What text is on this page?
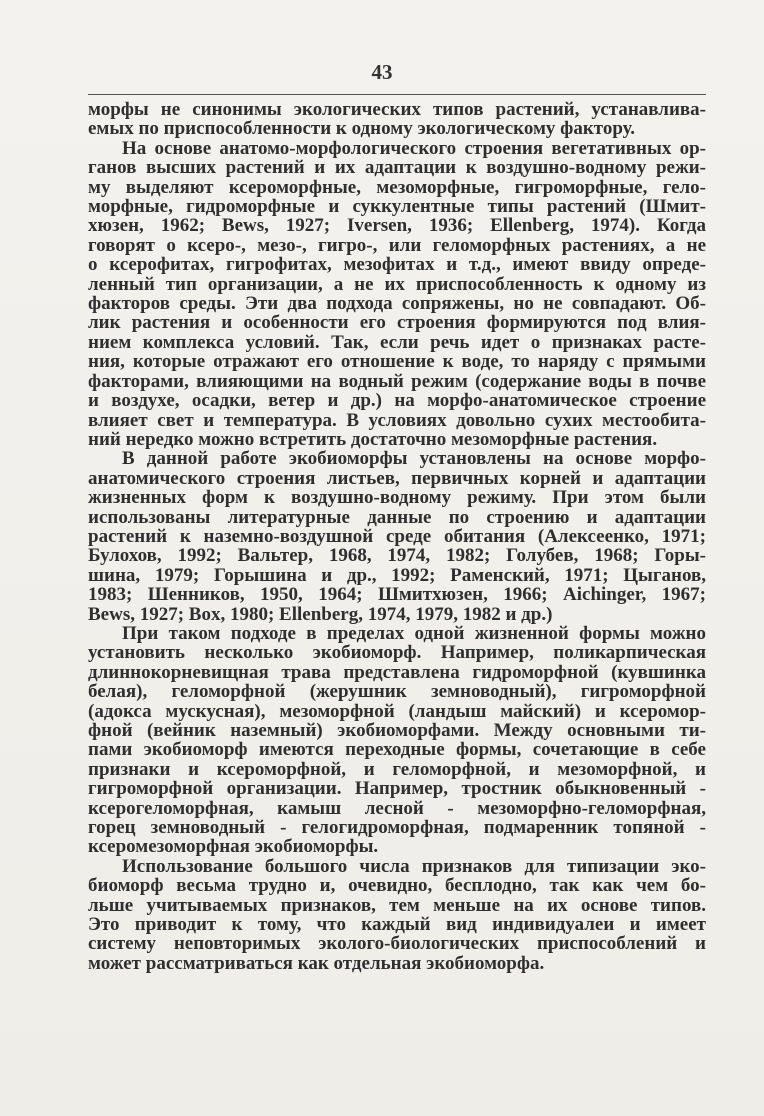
43
морфы не синонимы экологических типов растений, устанавлива-
емых по приспособленности к одному экологическому фактору.
На основе анатомо-морфологического строения вегетативных ор-
ганов высших растений и их адаптации к воздушно-водному режи-
му выделяют ксероморфные, мезоморфные, гигроморфные, гело-
морфные, гидроморфные и суккулентные типы растений (Шмит-
хюзен, 1962; Bews, 1927; Iversen, 1936; Ellenberg, 1974). Когда
говорят о ксеро-, мезо-, гигро-, или геломорфных растениях, а не
о ксерофитах, гигрофитах, мезофитах и т.д., имеют ввиду опреде-
ленный тип организации, а не их приспособленность к одному из
факторов среды. Эти два подхода сопряжены, но не совпадают. Об-
лик растения и особенности его строения формируются под влия-
нием комплекса условий. Так, если речь идет о признаках расте-
ния, которые отражают его отношение к воде, то наряду с прямыми
факторами, влияющими на водный режим (содержание воды в почве
и воздухе, осадки, ветер и др.) на морфо-анатомическое строение
влияет свет и температура. В условиях довольно сухих местообита-
ний нередко можно встретить достаточно мезоморфные растения.
В данной работе экобиоморфы установлены на основе морфо-
анатомического строения листьев, первичных корней и адаптации
жизненных форм к воздушно-водному режиму. При этом были
использованы литературные данные по строению и адаптации
растений к наземно-воздушной среде обитания (Алексеенко, 1971;
Булохов, 1992; Вальтер, 1968, 1974, 1982; Голубев, 1968; Горы-
шина, 1979; Горышина и др., 1992; Раменский, 1971; Цыганов,
1983; Шенников, 1950, 1964; Шмитхюзен, 1966; Aichinger, 1967;
Bews, 1927; Box, 1980; Ellenberg, 1974, 1979, 1982 и др.)
При таком подходе в пределах одной жизненной формы можно
установить несколько экобиоморф. Например, поликарпическая
длиннокорневищная трава представлена гидроморфной (кувшинка
белая), геломорфной (жерушник земноводный), гигроморфной
(адокса мускусная), мезоморфной (ландыш майский) и ксеромор-
фной (вейник наземный) экобиоморфами. Между основными ти-
пами экобиоморф имеются переходные формы, сочетающие в себе
признаки и ксероморфной, и геломорфной, и мезоморфной, и
гигроморфной организации. Например, тростник обыкновенный -
ксерогеломорфная, камыш лесной - мезоморфно-геломорфная,
горец земноводный - гелогидроморфная, подмаренник топяной -
ксеромезоморфная экобиоморфы.
Использование большого числа признаков для типизации эко-
биоморф весьма трудно и, очевидно, бесплодно, так как чем бо-
льше учитываемых признаков, тем меньше на их основе типов.
Это приводит к тому, что каждый вид индивидуалеи и имеет
систему неповторимых эколого-биологических приспособлений и
может рассматриваться как отдельная экобиоморфа.
